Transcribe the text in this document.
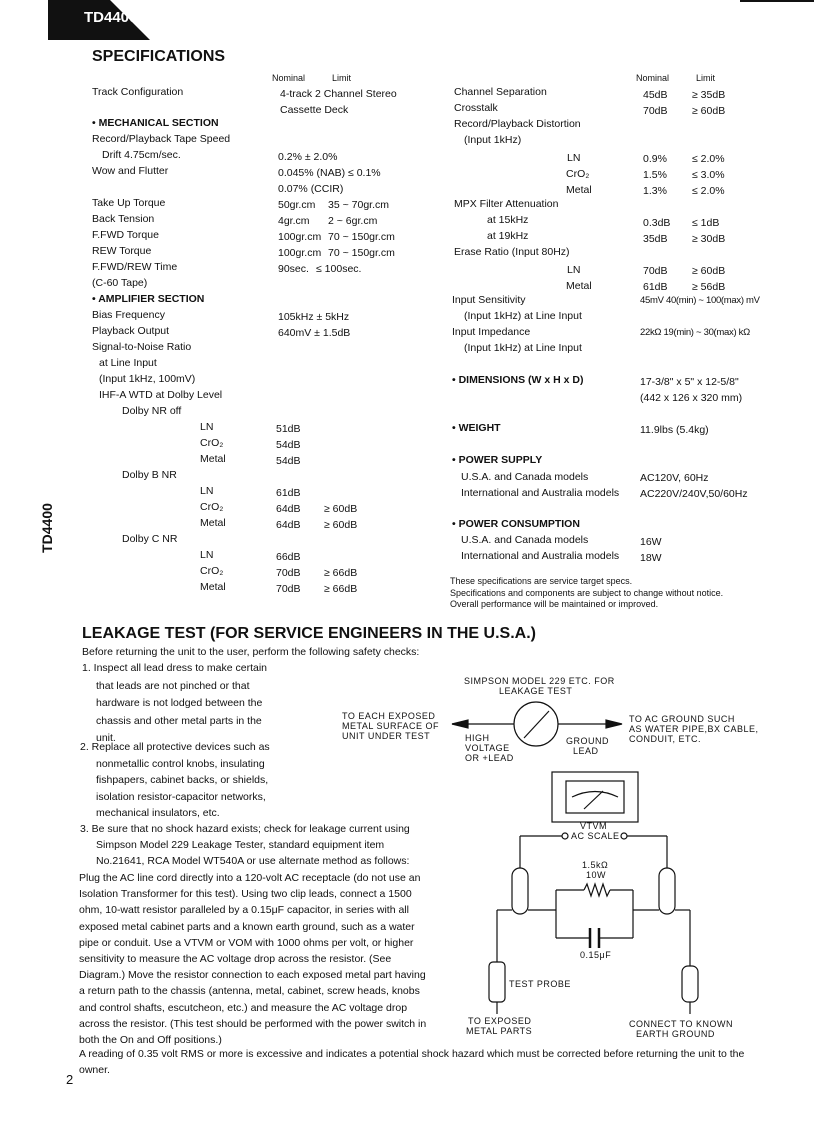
TD4400
TD4400
SPECIFICATIONS
Nominal	Limit	Nominal	Limit
Track Configuration	4-track 2 Channel Stereo
Cassette Deck
• MECHANICAL SECTION
Record/Playback Tape Speed
Drift 4.75cm/sec.	0.2% ± 2.0%
Wow and Flutter	0.045% (NAB) ≤ 0.1%
0.07% (CCIR)
Take Up Torque	50gr.cm 35 ~ 70gr.cm
Back Tension	4gr.cm 2 ~ 6gr.cm
F.FWD Torque	100gr.cm 70 ~ 150gr.cm
REW Torque	100gr.cm 70 ~ 150gr.cm
F.FWD/REW Time	90sec. ≤ 100sec.
(C-60 Tape)
• AMPLIFIER SECTION
Bias Frequency	105kHz ± 5kHz
Playback Output	640mV ± 1.5dB
Signal-to-Noise Ratio
at Line Input
(Input 1kHz, 100mV)
IHF-A WTD at Dolby Level
Dolby NR off
LN	51dB
CrO₂	54dB
Metal	54dB
Dolby B NR
LN	61dB
CrO₂	64dB ≥ 60dB
Metal	64dB ≥ 60dB
Dolby C NR
LN	66dB
CrO₂	70dB ≥ 66dB
Metal	70dB ≥ 66dB
Channel Separation	45dB ≥ 35dB
Crosstalk	70dB ≥ 60dB
Record/Playback Distortion
(Input 1kHz)
LN	0.9% ≤ 2.0%
CrO₂	1.5% ≤ 3.0%
Metal	1.3% ≤ 2.0%
MPX Filter Attenuation
at 15kHz	0.3dB ≤ 1dB
at 19kHz	35dB ≥ 30dB
Erase Ratio (Input 80Hz)
LN	70dB ≥ 60dB
Metal	61dB ≥ 56dB
Input Sensitivity	45mV 40(min) ~ 100(max) mV
(Input 1kHz) at Line Input
Input Impedance	22kΩ 19(min) ~ 30(max) kΩ
(Input 1kHz) at Line Input
• DIMENSIONS (W x H x D)	17-3/8" x 5" x 12-5/8"
(442 x 126 x 320 mm)
• WEIGHT	11.9lbs (5.4kg)
• POWER SUPPLY
U.S.A. and Canada models	AC120V, 60Hz
International and Australia models AC220V/240V,50/60Hz
• POWER CONSUMPTION
U.S.A. and Canada models	16W
International and Australia models 18W
These specifications are service target specs.
Specifications and components are subject to change without notice.
Overall performance will be maintained or improved.
LEAKAGE TEST (FOR SERVICE ENGINEERS IN THE U.S.A.)
Before returning the unit to the user, perform the following safety checks:
1. Inspect all lead dress to make certain
that leads are not pinched or that
hardware is not lodged between the
chassis and other metal parts in the
unit.
2. Replace all protective devices such as
nonmetallic control knobs, insulating
fishpapers, cabinet backs, or shields,
isolation resistor-capacitor networks,
mechanical insulators, etc.
3. Be sure that no shock hazard exists; check for leakage current using
Simpson Model 229 Leakage Tester, standard equipment item
No.21641, RCA Model WT540A or use alternate method as follows:
Plug the AC line cord directly into a 120-volt AC receptacle (do not use an
Isolation Transformer for this test). Using two clip leads, connect a 1500
ohm, 10-watt resistor paralleled by a 0.15μF capacitor, in series with all
exposed metal cabinet parts and a known earth ground, such as a water
pipe or conduit. Use a VTVM or VOM with 1000 ohms per volt, or higher
sensitivity to measure the AC voltage drop across the resistor. (See
Diagram.) Move the resistor connection to each exposed metal part having
a return path to the chassis (antenna, metal, cabinet, screw heads, knobs
and control shafts, escutcheon, etc.) and measure the AC voltage drop
across the resistor. (This test should be performed with the power switch in
both the On and Off positions.)
A reading of 0.35 volt RMS or more is excessive and indicates a potential shock hazard which must be corrected before returning the unit to the
owner.
SIMPSON MODEL 229 ETC. FOR
LEAKAGE TEST
TO EACH EXPOSED
METAL SURFACE OF
UNIT UNDER TEST
TO AC GROUND SUCH
AS WATER PIPE,BX CABLE,
CONDUIT, ETC.
HIGH
VOLTAGE
OR +LEAD
GROUND
LEAD
VTVM
AC SCALE
1.5kΩ
10W
0.15μF
TEST PROBE
TO EXPOSED
METAL PARTS
CONNECT TO KNOWN
EARTH GROUND
2
